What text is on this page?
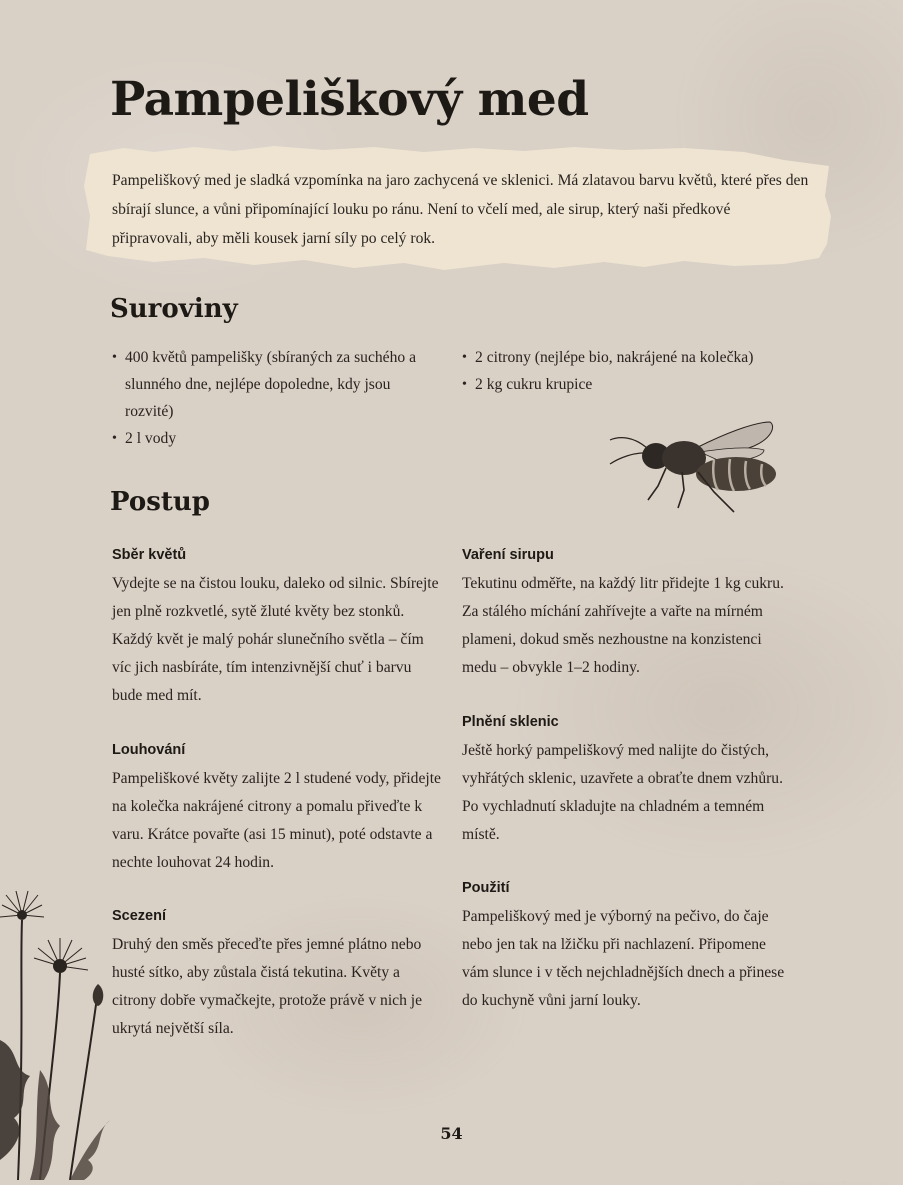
Pampeliškový med
Pampeliškový med je sladká vzpomínka na jaro zachycená ve sklenici. Má zlatavou barvu květů, které přes den sbírají slunce, a vůni připomínající louku po ránu. Není to včelí med, ale sirup, který naši předkové připravovali, aby měli kousek jarní síly po celý rok.
Suroviny
• 400 květů pampelišky (sbíraných za suchého a slunného dne, nejlépe dopoledne, kdy jsou rozvité)
• 2 l vody
• 2 citrony (nejlépe bio, nakrájené na kolečka)
• 2 kg cukru krupice
Postup
Sběr květů

Vydejte se na čistou louku, daleko od silnic. Sbírejte jen plně rozkvetlé, sytě žluté květy bez stonků. Každý květ je malý pohár slunečního světla – čím víc jich nasbíráte, tím intenzivnější chuť i barvu bude med mít.

Louhování

Pampeliškové květy zalijte 2 l studené vody, přidejte na kolečka nakrájené citrony a pomalu přiveďte k varu. Krátce povařte (asi 15 minut), poté odstavte a nechte louhovat 24 hodin.

Scezení

Druhý den směs přeceďte přes jemné plátno nebo husté sítko, aby zůstala čistá tekutina. Květy a citrony dobře vymačkejte, protože právě v nich je ukrytá největší síla.

Vaření sirupu

Tekutinu odměřte, na každý litr přidejte 1 kg cukru. Za stálého míchání zahřívejte a vařte na mírném plameni, dokud směs nezhoustne na konzistenci medu – obvykle 1–2 hodiny.

Plnění sklenic

Ještě horký pampeliškový med nalijte do čistých, vyhřátých sklenic, uzavřete a obraťte dnem vzhůru. Po vychladnutí skladujte na chladném a temném místě.

Použití

Pampeliškový med je výborný na pečivo, do čaje nebo jen tak na lžičku při nachlazení. Připomene vám slunce i v těch nejchladnějších dnech a přinese do kuchyně vůni jarní louky.

54
